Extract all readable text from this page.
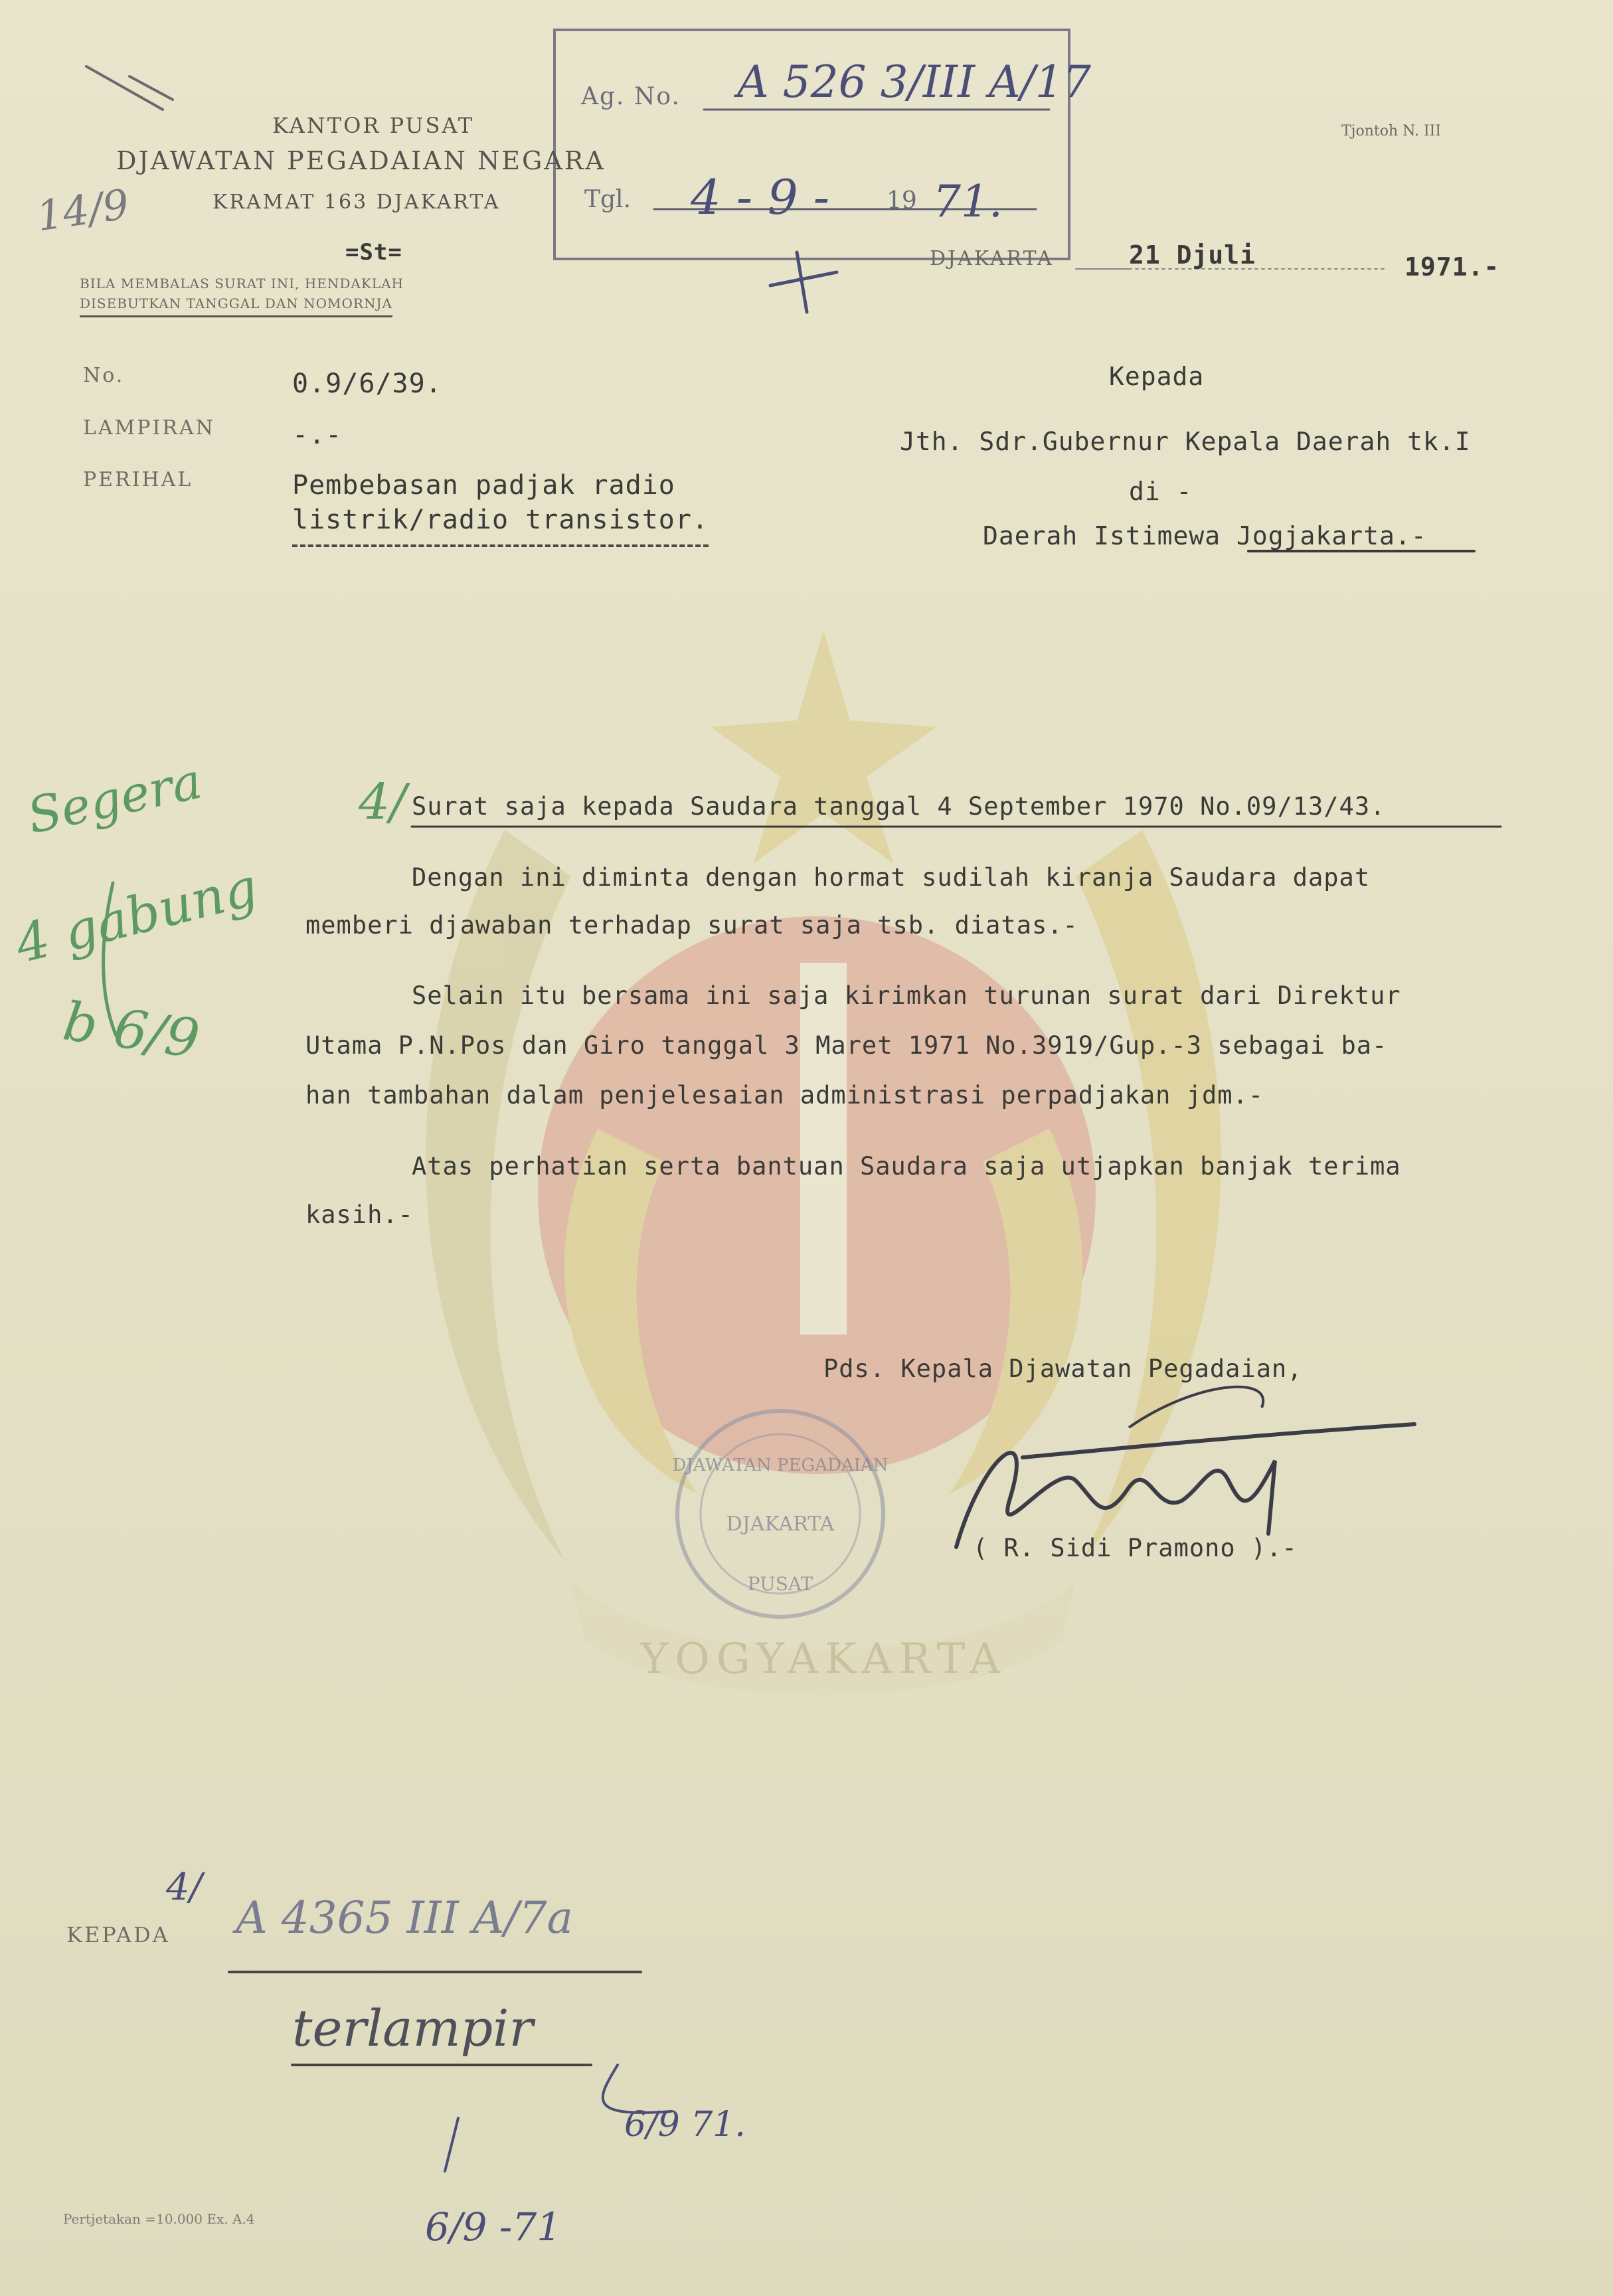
DJAWATAN PEGADAIAN
DJAKARTA
PUSAT
YOGYAKARTA
KANTOR PUSAT
DJAWATAN PEGADAIAN NEGARA
KRAMAT 163 DJAKARTA
=St=
BILA MEMBALAS SURAT INI, HENDAKLAH
DISEBUTKAN TANGGAL DAN NOMORNJA
Tjontoh N. III
Ag. No. A 526 3/III A/17
Tgl. 4 - 9 - 19 71.
14/9
DJAKARTA	21 Djuli	1971.-
No.	0.9/6/39.
LAMPIRAN	-.-
PERIHAL	Pembebasan padjak radio
listrik/radio transistor.
Kepada
Jth. Sdr.Gubernur Kepala Daerah tk.I
di -
Daerah Istimewa Jogjakarta.-
Segera
4 gabung
b 6/9
4/ Surat saja kepada Saudara tanggal 4 September 1970 No.09/13/43.
Dengan ini diminta dengan hormat sudilah kiranja Saudara dapat
memberi djawaban terhadap surat saja tsb. diatas.-
Selain itu bersama ini saja kirimkan turunan surat dari Direktur
Utama P.N.Pos dan Giro tanggal 3 Maret 1971 No.3919/Gup.-3 sebagai ba-
han tambahan dalam penjelesaian administrasi perpadjakan jdm.-
Atas perhatian serta bantuan Saudara saja utjapkan banjak terima
kasih.-
Pds. Kepala Djawatan Pegadaian,
( R. Sidi Pramono ).-
4/
KEPADA A 4365 III A/7a
terlampir
6/9 71.
6/9 -71
Pertjetakan =10.000 Ex. A.4
